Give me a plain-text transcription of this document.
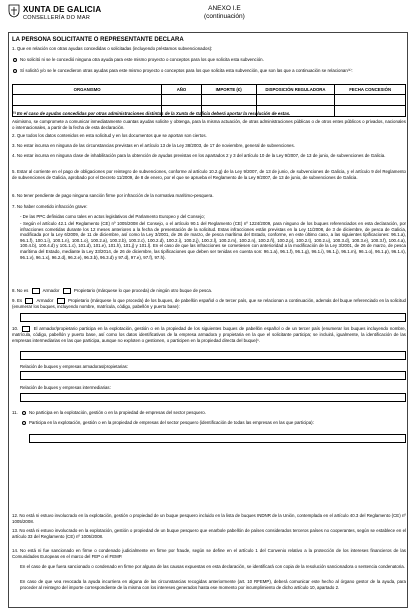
XUNTA DE GALICIA
CONSELLERÍA DO MAR
ANEXO I.E
(continuación)
LA PERSONA SOLICITANTE O REPRESENTANTE DECLARA
1. Que en relación con otras ayudas concedidas o solicitadas (incluyendo préstamos subvencionados):
No solicitó ni se le concedió ninguna otra ayuda para este mismo proyecto o conceptos para los que solicita esta subvención.
Sí solicitó y/o se le concedieron otras ayudas para este mismo proyecto o conceptos para los que solicita esta subvención, que son las que a continuación se relacionan⁽¹⁾:
ORGANISMO	AÑO	IMPORTE (€)	DISPOSICIÓN REGULADORA	FECHA CONCESIÓN

⁽¹⁾ En el caso de ayudas concedidas por otras administraciones distintas de la Xunta de Galicia deberá aportar la resolución de estas.
Asimismo, se compromete a comunicar inmediatamente cuantas ayudas solicite y obtenga, para la misma actuación, de otras administraciones públicas o de otros entes públicos o privados, nacionales o internacionales, a partir de la fecha de esta declaración.
2. Que todos los datos contenidos en esta solicitud y en los documentos que se aportan son ciertos.
3. No estar incursa en ninguna de las circunstancias previstas en el artículo 13 de la Ley 38/2003, de 17 de noviembre, general de subvenciones.
4. No estar incursa en ninguna clase de inhabilitación para la obtención de ayudas previstas en los apartados 2 y 3 del artículo 10 de la Ley 9/2007, de 13 de junio, de subvenciones de Galicia.
5. Estar al corriente en el pago de obligaciones por reintegro de subvenciones, conforme al artículo 10.2.g) de la Ley 9/2007, de 13 de junio, de subvenciones de Galicia, y el artículo 9 del Reglamento de subvenciones de Galicia, aprobado por el Decreto 11/2009, de 8 de enero, por el que se aprueba el Reglamento de la Ley 9/2007, de 13 de junio, de subvenciones de Galicia.
6. No tener pendiente de pago ninguna sanción firme por infracción de la normativa marítimo-pesquera.
7. No haber cometido infracción grave:
- De las PPC definidas como tales en actos legislativos del Parlamento Europeo y del Consejo;
- Según el artículo 42.1 del Reglamento (CE) nº 1005/2008 del Consejo, o el artículo 90.1 del Reglamento (CE) nº 1224/2009, para ninguno de los buques referenciados en esta declaración, por infracciones cometidas durante los 12 meses anteriores a la fecha de presentación de la solicitud. Estas infracciones están previstas en la Ley 11/2008, de 3 de diciembre, de pesca de Galicia, modificada por la Ley 6/2009, de 11 de diciembre, así como la Ley 3/2001, de 26 de marzo, de pesca marítima del Estado, conforme, en este último caso, a las siguientes tipificaciones: 96.1.a), 96.1.f), 100.1.i), 100.1.n), 100.1.o), 100.2.a), 100.2.b), 100.2.c), 100.2.d), 100.2.i), 100.2.j), 100.2.l), 100.2.m), 100.2.n), 100.2.ñ), 100.2.p), 100.2.t), 100.2.u), 100.3.d), 100.3.e), 100.3.f), 100.4.a), 100.4.b), 100.4.d) y 101.1.c), 101.d), 101.e), 101.h), 101.j) y 101.l). En el caso de que las infracciones se cometiesen con anterioridad a la modificación de la Ley 3/2001, de 26 de marzo, de pesca marítima del Estado, mediante la Ley 33/2014, de 26 de diciembre, las tipificaciones que deben ser tenidas en cuenta son: 96.1.a), 96.1.f), 96.1.g), 96.1.i), 96.1.j), 96.1.m), 96.1.o), 96.1.p), 96.1.s), 96.1.v), 96.1.x), 96.2.d), 96.2.e), 96.3.b), 96.3.d) y 97.d), 97.e), 97.f), 97.h).
8. No es	Armador	Propietario (márquese lo que proceda) de ningún otro buque de pesca.
9. Es	Armador	Propietario (márquese lo que proceda) de los buques, de pabellón español o de tercer país, que se relacionan a continuación, además del buque referenciado en la solicitud (enumerar los buques, incluyendo nombre, matrícula, código, pabellón y puerto base):
10.	El armador/propietario participa en la explotación, gestión o en la propiedad de los siguientes buques de pabellón español o de un tercer país (enumerar los buques incluyendo nombre, matrícula, código, pabellón y puerto base, así como los datos identificativos de la empresa armadora y propietaria en la que el solicitante participa; se incluirá, igualmente, la identificación de las empresas intermediarias en las que participa, aunque no exploten o gestionen, o participen en la propiedad directa del buque)¹.
Relación de buques y empresas armadoras/propietarias:
Relación de buques y empresas intermediarias:
11.	No participa en la explotación, gestión o en la propiedad de empresas del sector pesquero.
Participa en la explotación, gestión o en la propiedad de empresas del sector pesquero (identificación de todas las empresas en las que participa):
12. No está ni estuvo involucrado en la explotación, gestión o propiedad de un buque pesquero incluido en la lista de buques INDNR de la Unión, contemplada en el artículo 40.3 del Reglamento (CE) nº 1005/2008.
13. No está ni estuvo involucrado en la explotación, gestión o propiedad de un buque pesquero que enarbole pabellón de países considerados terceros países no cooperantes, según se establece en el artículo 33 del Reglamento (CE) nº 1005/2008.
14. No está ni fue sancionado en firme o condenado judicialmente en firme por fraude, según se define en el artículo 1 del Convenio relativo a la protección de los intereses financieros de las Comunidades Europeas en el marco del FEP o el FEMP.
En el caso de que fuera sancionado o condenado en firme por alguna de las causas expuestas en esta declaración, se identificará con copia de la resolución sancionadora o sentencia condenatoria.
En caso de que vea revocada la ayuda incurriera en alguna de las circunstancias recogidas anteriormente (art. 10 RFEMP), deberá comunicar este hecho al órgano gestor de la ayuda, para proceder al reintegro del importe correspondiente de la misma con los intereses generados hasta ese momento por incumplimiento de dicho artículo 10, apartado 2.
